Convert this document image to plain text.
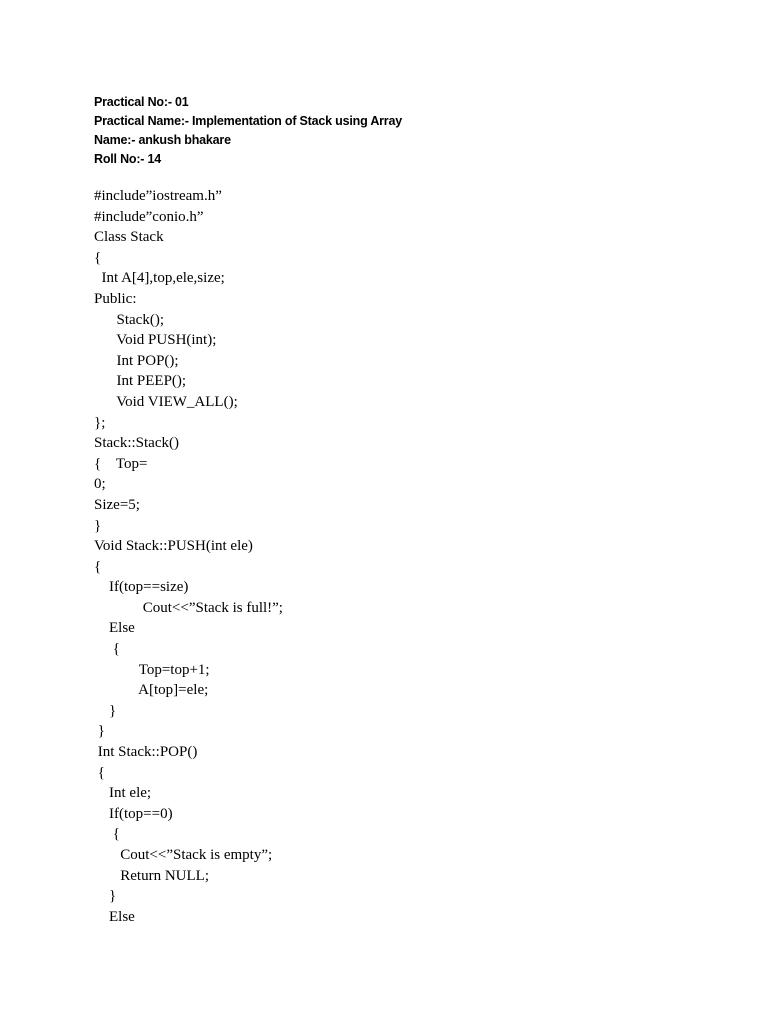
Practical No:- 01
Practical Name:- Implementation of Stack using Array
Name:- ankush bhakare
Roll No:- 14
#include”iostream.h”
#include”conio.h”
Class Stack
{
Int A[4],top,ele,size;
Public:
Stack();
Void PUSH(int);
Int POP();
Int PEEP();
Void VIEW_ALL();
};
Stack::Stack()
{    Top=
0;
Size=5;
}
Void Stack::PUSH(int ele)
{
If(top==size)
Cout<<”Stack is full!”;
Else
{
Top=top+1;
A[top]=ele;
}
}
Int Stack::POP()
{
Int ele;
If(top==0)
{
Cout<<”Stack is empty”;
Return NULL;
}
Else
